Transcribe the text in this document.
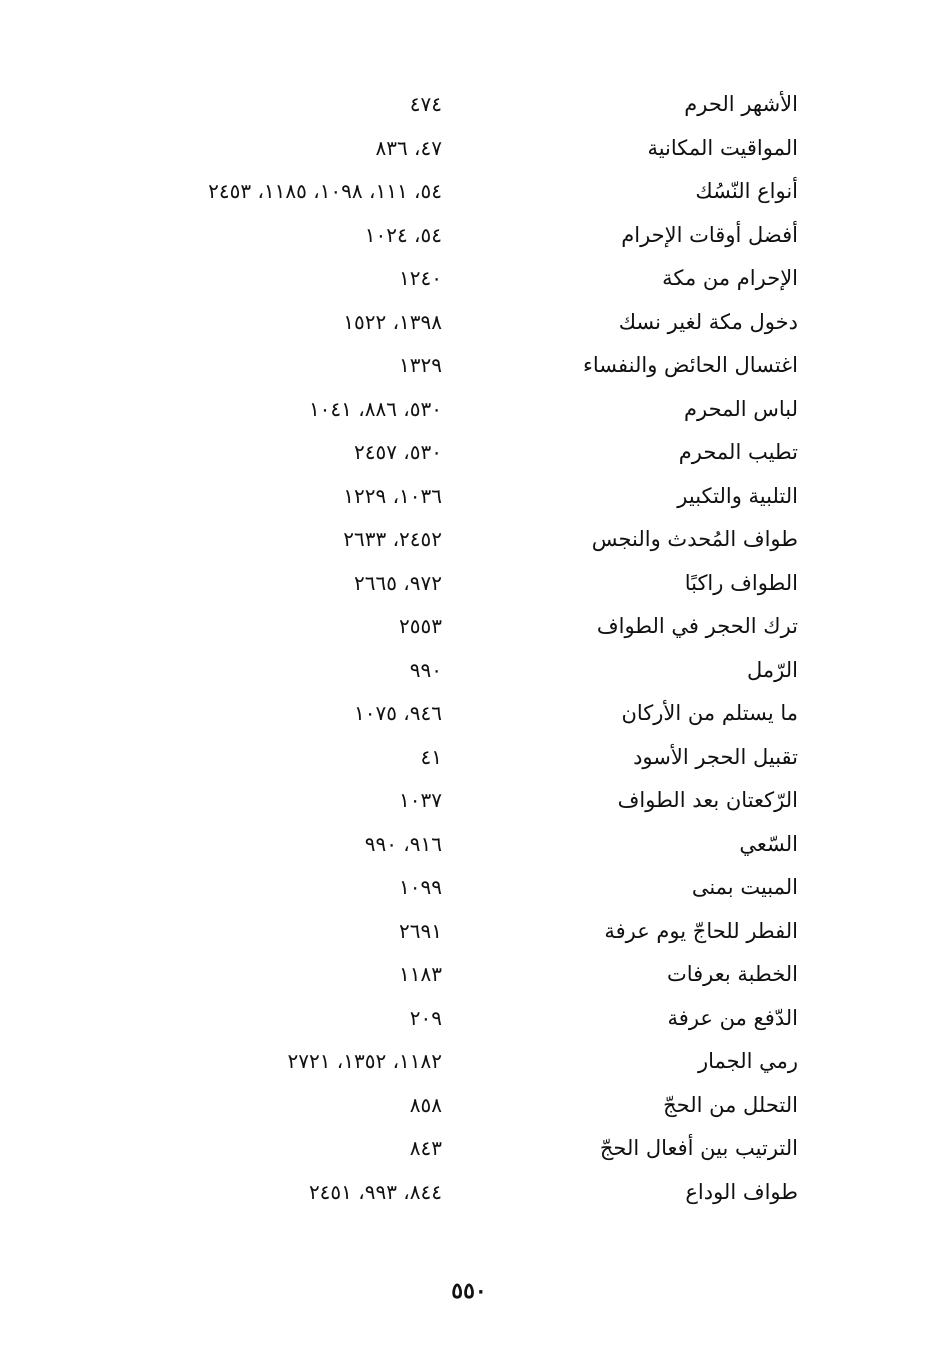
الأشهر الحرم
٤٧٤
المواقيت المكانية
٤٧، ٨٣٦
أنواع النّسُك
٥٤، ١١١، ١٠٩٨، ١١٨٥، ٢٤٥٣
أفضل أوقات الإحرام
٥٤، ١٠٢٤
الإحرام من مكة
١٢٤٠
دخول مكة لغير نسك
١٣٩٨، ١٥٢٢
اغتسال الحائض والنفساء
١٣٢٩
لباس المحرم
٥٣٠، ٨٨٦، ١٠٤١
تطيب المحرم
٥٣٠، ٢٤٥٧
التلبية والتكبير
١٠٣٦، ١٢٢٩
طواف المُحدث والنجس
٢٤٥٢، ٢٦٣٣
الطواف راكبًا
٩٧٢، ٢٦٦٥
ترك الحجر في الطواف
٢٥٥٣
الرّمل
٩٩٠
ما يستلم من الأركان
٩٤٦، ١٠٧٥
تقبيل الحجر الأسود
٤١
الرّكعتان بعد الطواف
١٠٣٧
السّعي
٩١٦، ٩٩٠
المبيت بمنى
١٠٩٩
الفطر للحاجّ يوم عرفة
٢٦٩١
الخطبة بعرفات
١١٨٣
الدّفع من عرفة
٢٠٩
رمي الجمار
١١٨٢، ١٣٥٢، ٢٧٢١
التحلل من الحجّ
٨٥٨
الترتيب بين أفعال الحجّ
٨٤٣
طواف الوداع
٨٤٤، ٩٩٣، ٢٤٥١
٥٥٠
